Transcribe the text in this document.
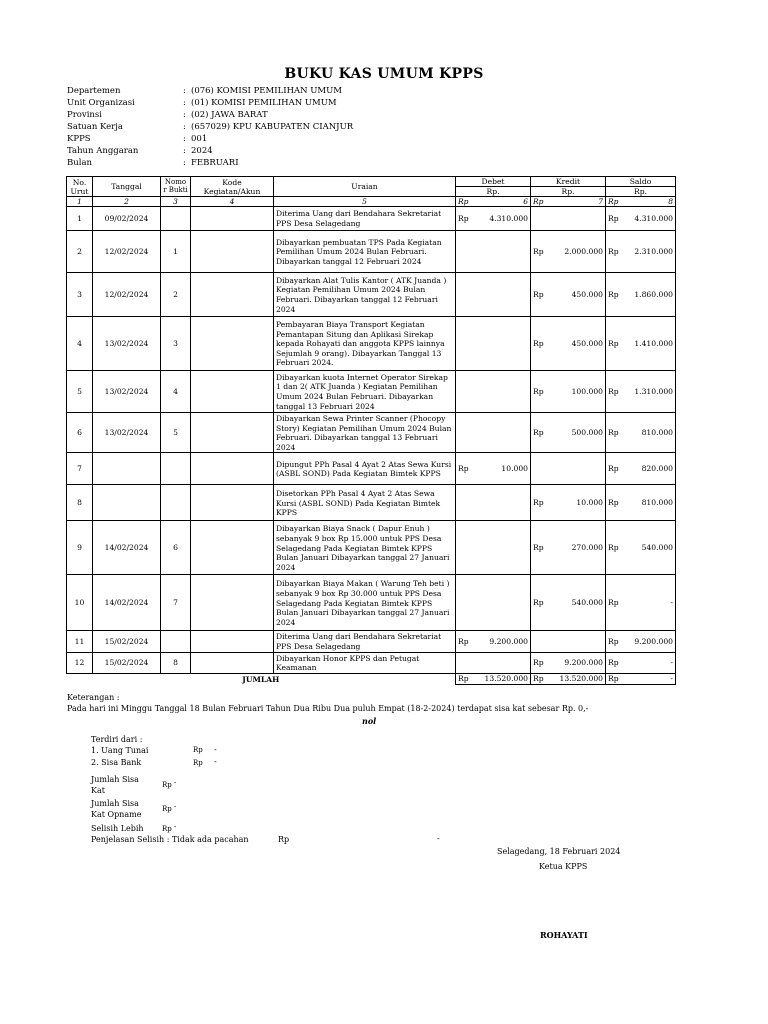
BUKU KAS UMUM KPPS
Departemen	: (076) KOMISI PEMILIHAN UMUM
Unit Organizasi	: (01) KOMISI PEMILIHAN UMUM
Provinsi	: (02) JAWA BARAT
Satuan Kerja	: (657029) KPU KABUPATEN CIANJUR
KPPS	: 001
Tahun Anggaran	: 2024
Bulan	: FEBRUARI
No. Urut	Tanggal	Nomo r Bukti	Kode Kegiatan/Akun	Uraian	Debet	Kredit	Saldo
					Rp.	Rp.	Rp.
1	2	3	4	5	Rp 6	Rp 7	Rp 8

1	09/02/2024			Diterima Uang dari Bendahara Sekretariat PPS Desa Selagedang	Rp 4.310.000		Rp 4.310.000

2	12/02/2024	1		Dibayarkan pembuatan TPS Pada Kegiatan Pemilihan Umum 2024 Bulan Februari. Dibayarkan tanggal 12 Februari 2024		Rp 2.000.000	Rp 2.310.000

3	12/02/2024	2		Dibayarkan Alat Tulis Kantor ( ATK Juanda ) Kegiatan Pemilihan Umum 2024 Bulan Februari. Dibayarkan tanggal 12 Februari 2024		Rp 450.000	Rp 1.860.000

4	13/02/2024	3		Pembayaran Biaya Transport Kegiatan Pemantapan Situng dan Aplikasi Sirekap kepada Rohayati dan anggota KPPS lainnya Sejumlah 9 orang). Dibayarkan Tanggal 13 Februari 2024.		Rp 450.000	Rp 1.410.000

5	13/02/2024	4		Dibayarkan kuota Internet Operator Sirekap 1 dan 2( ATK Juanda ) Kegiatan Pemilihan Umum 2024 Bulan Februari. Dibayarkan tanggal 13 Februari 2024		Rp 100.000	Rp 1.310.000

6	13/02/2024	5		Dibayarkan Sewa Printer Scanner (Phocopy Story) Kegiatan Pemilihan Umum 2024 Bulan Februari. Dibayarkan tanggal 13 Februari 2024		Rp 500.000	Rp 810.000

7				Dipungut PPh Pasal 4 Ayat 2 Atas Sewa Kursi (ASBL SOND) Pada Kegiatan Bimtek KPPS	Rp 10.000		Rp 820.000

8				Disetorkan PPh Pasal 4 Ayat 2 Atas Sewa Kursi (ASBL SOND) Pada Kegiatan Bimtek KPPS		Rp 10.000	Rp 810.000

9	14/02/2024	6		Dibayarkan Biaya Snack ( Dapur Enuh ) sebanyak 9 box Rp 15.000 untuk PPS Desa Selagedang Pada Kegiatan Bimtek KPPS Bulan Januari Dibayarkan tanggal 27 Januari 2024		Rp 270.000	Rp 540.000

10	14/02/2024	7		Dibayarkan Biaya Makan ( Warung Teh beti ) sebanyak 9 box Rp 30.000 untuk PPS Desa Selagedang Pada Kegiatan Bimtek KPPS Bulan Januari Dibayarkan tanggal 27 Januari 2024		Rp 540.000	Rp -

11	15/02/2024			Diterima Uang dari Bendahara Sekretariat PPS Desa Selagedang	Rp 9.200.000		Rp 9.200.000

12	15/02/2024	8		Dibayarkan Honor KPPS dan Petugat Keamanan		Rp 9.200.000	Rp -

JUMLAH					Rp 13.520.000	Rp 13.520.000	Rp -
Keterangan :
Pada hari ini Minggu Tanggal 18 Bulan Februari Tahun Dua Ribu Dua puluh Empat (18-2-2024) terdapat sisa kat sebesar Rp. 0,-
nol
Terdiri dari :
1. Uang Tunai	Rp -
2. Sisa Bank	Rp -
Jumlah Sisa
Kat
Rp -
Jumlah Sisa
Kat Opname
Rp -
Selisih Lebih	Rp -
Penjelasan Selisih : Tidak ada pacahan	Rp	-
Selagedang, 18 Februari 2024
Ketua KPPS
ROHAYATI
